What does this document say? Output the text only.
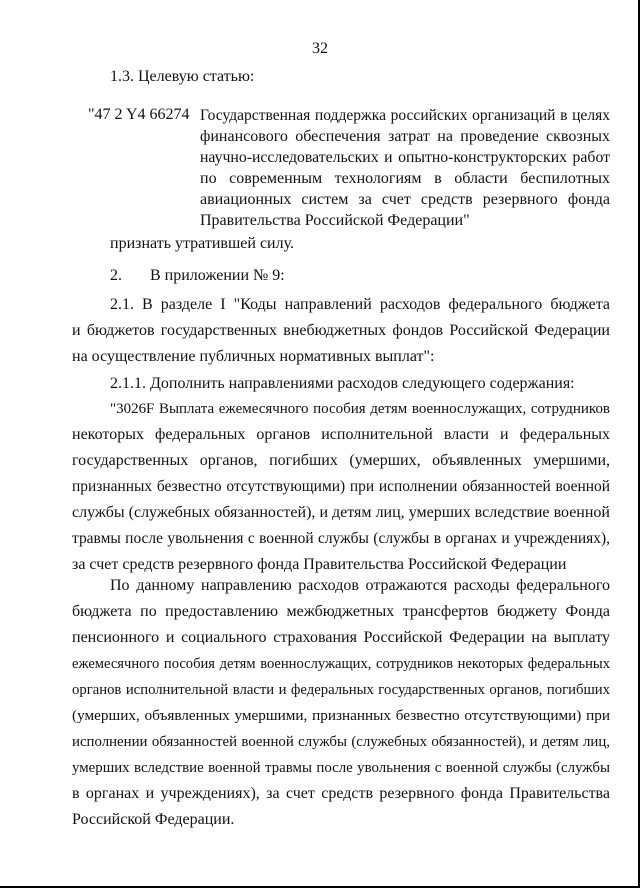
32
1.3. Целевую статью:
"47 2 Y4 66274 Государственная поддержка российских организаций в целях
финансового обеспечения затрат на проведение сквозных
научно-исследовательских и опытно-конструкторских работ
по современным технологиям в области беспилотных
авиационных систем за счет средств резервного фонда
Правительства Российской Федерации"
признать утратившей силу.
2.       В приложении № 9:
2.1. В разделе I "Коды направлений расходов федерального бюджета
и бюджетов государственных внебюджетных фондов Российской Федерации
на осуществление публичных нормативных выплат":
2.1.1. Дополнить направлениями расходов следующего содержания:
"3026F Выплата ежемесячного пособия детям военнослужащих, сотрудников
некоторых федеральных органов исполнительной власти и федеральных
государственных органов, погибших (умерших, объявленных умершими,
признанных безвестно отсутствующими) при исполнении обязанностей военной
службы (служебных обязанностей), и детям лиц, умерших вследствие военной
травмы после увольнения с военной службы (службы в органах и учреждениях),
за счет средств резервного фонда Правительства Российской Федерации
По данному направлению расходов отражаются расходы федерального
бюджета по предоставлению межбюджетных трансфертов бюджету Фонда
пенсионного и социального страхования Российской Федерации на выплату
ежемесячного пособия детям военнослужащих, сотрудников некоторых федеральных
органов исполнительной власти и федеральных государственных органов, погибших
(умерших, объявленных умершими, признанных безвестно отсутствующими) при
исполнении обязанностей военной службы (служебных обязанностей), и детям лиц,
умерших вследствие военной травмы после увольнения с военной службы (службы
в органах и учреждениях), за счет средств резервного фонда Правительства
Российской Федерации.
